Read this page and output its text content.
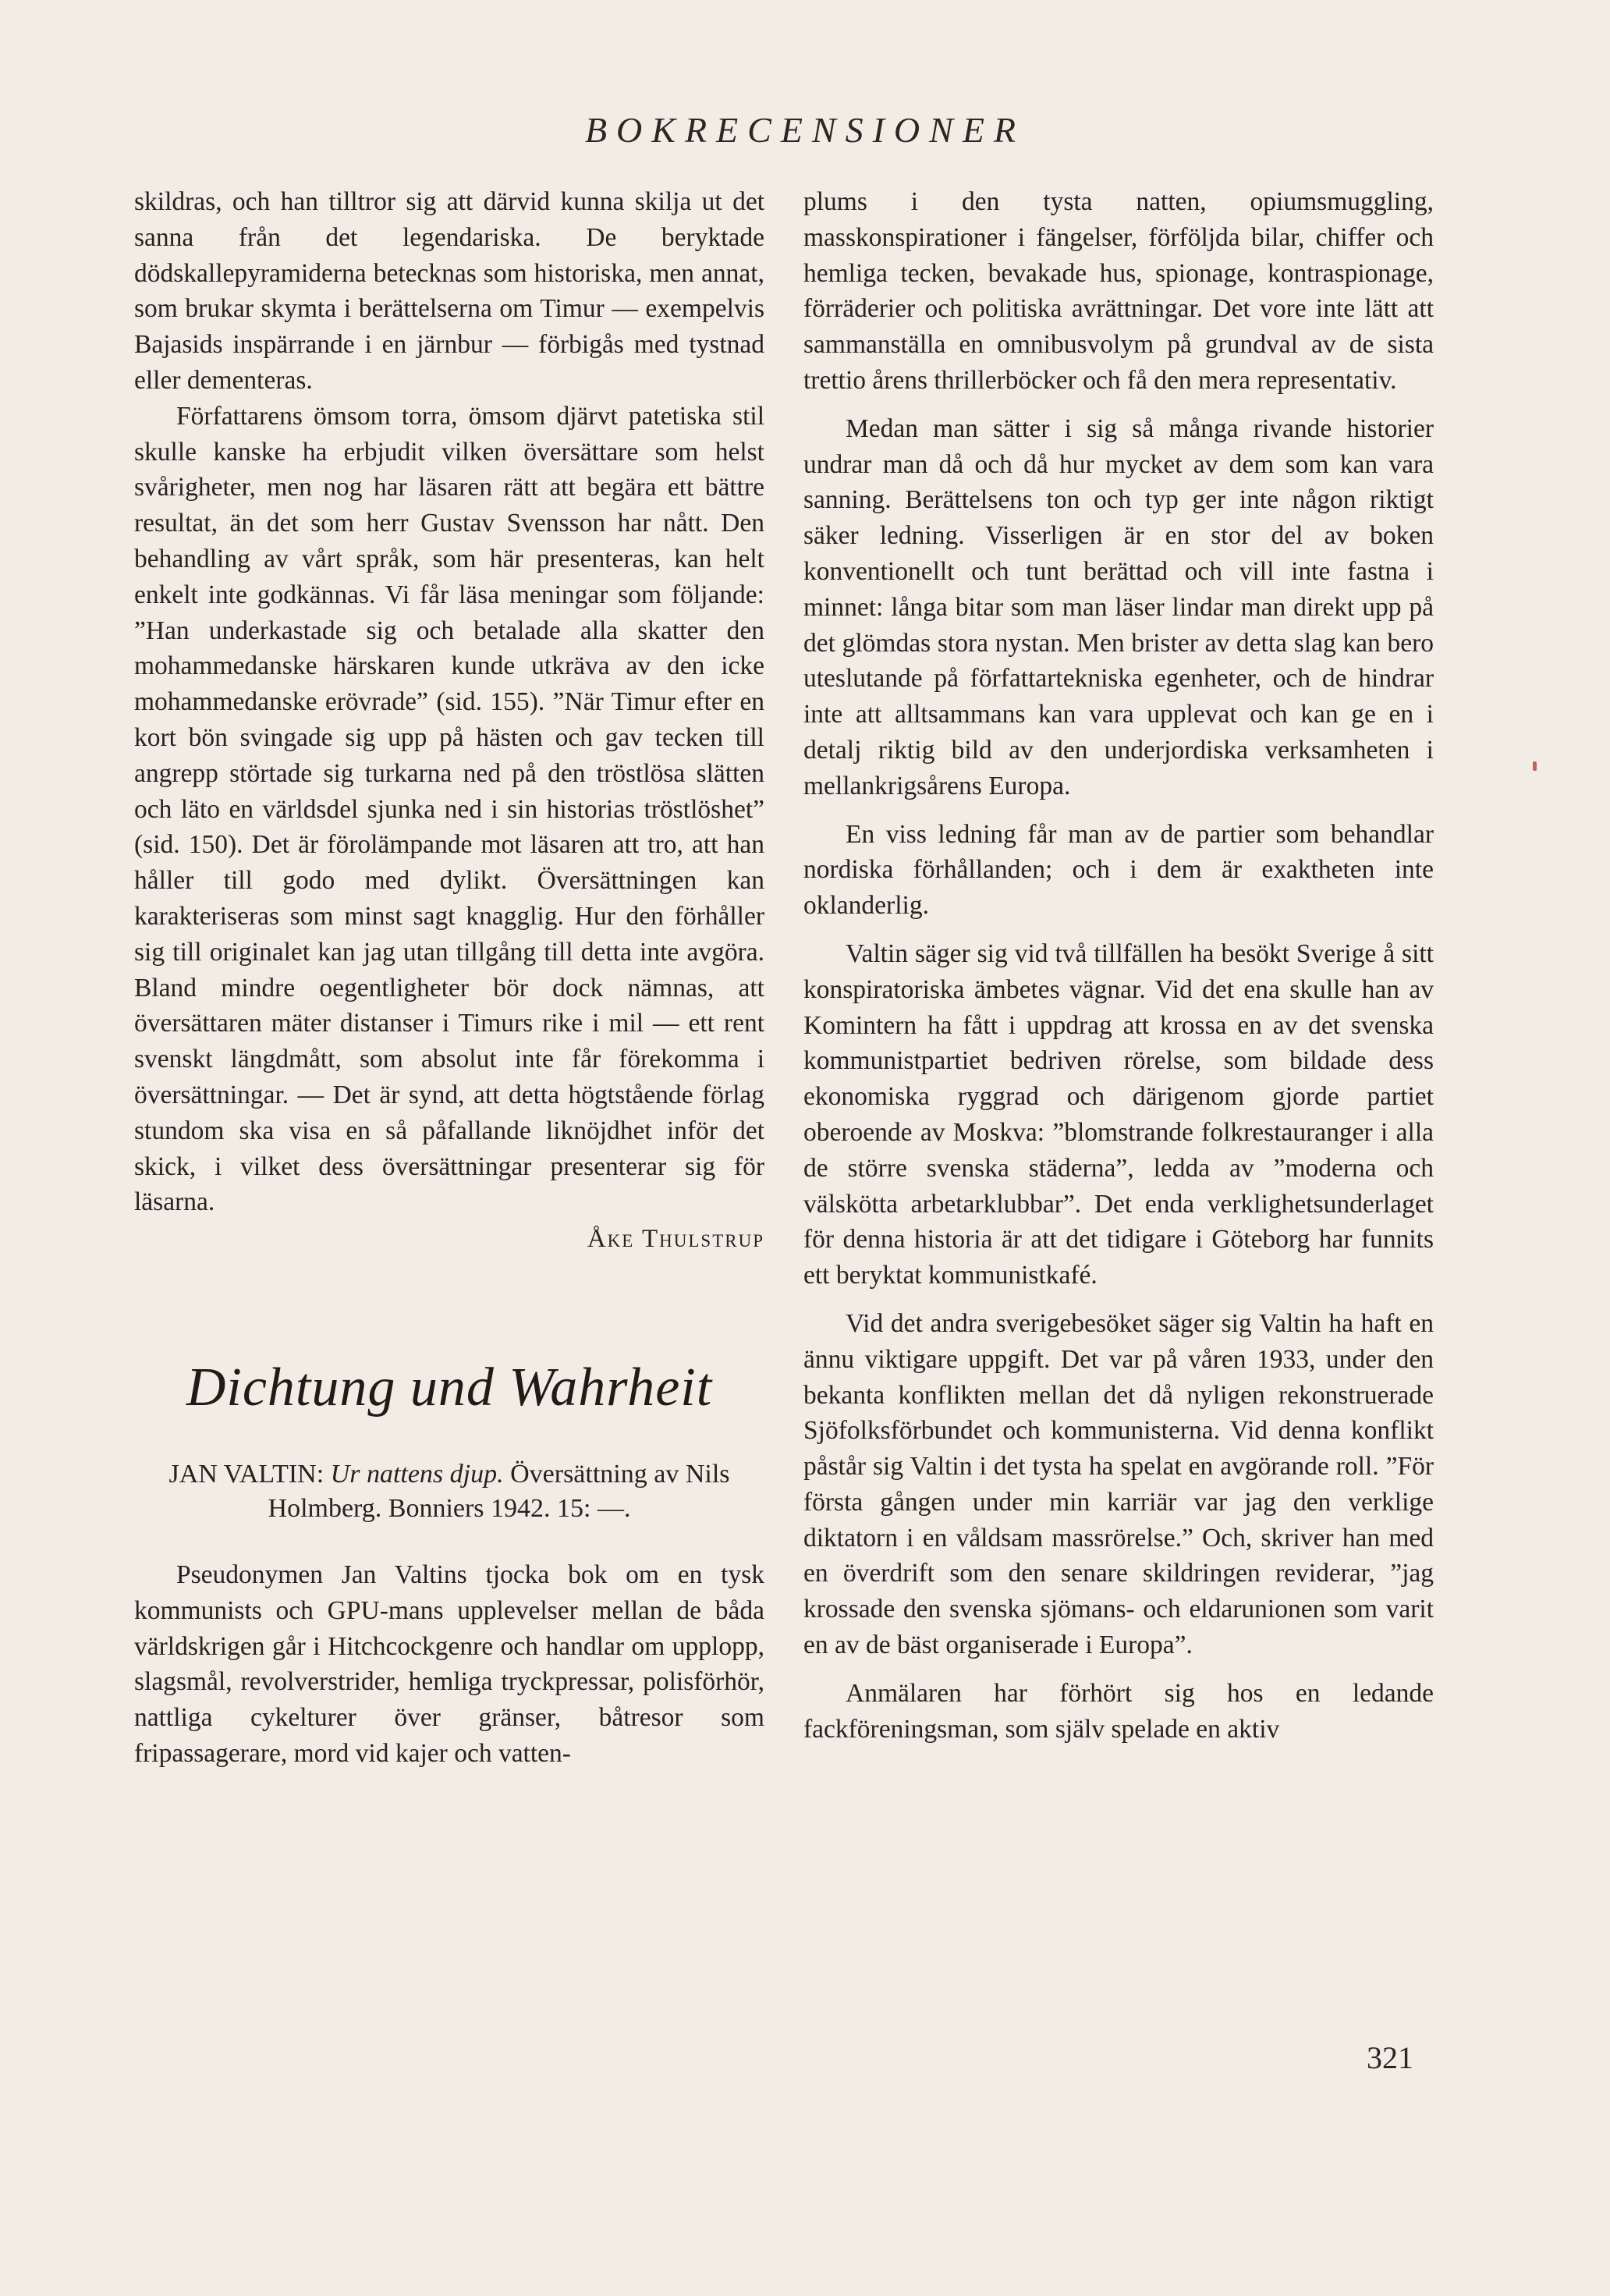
BOKRECENSIONER

skildras, och han tilltror sig att därvid kunna skilja ut det sanna från det legendariska. De beryktade dödskallepyramiderna betecknas som historiska, men annat, som brukar skymta i berättelserna om Timur — exempelvis Bajasids inspärrande i en järnbur — förbigås med tystnad eller dementeras.

Författarens ömsom torra, ömsom djärvt patetiska stil skulle kanske ha erbjudit vilken översättare som helst svårigheter, men nog har läsaren rätt att begära ett bättre resultat, än det som herr Gustav Svensson har nått. Den behandling av vårt språk, som här presenteras, kan helt enkelt inte godkännas. Vi får läsa meningar som följande: ”Han underkastade sig och betalade alla skatter den mohammedanske härskaren kunde utkräva av den icke mohammedanske erövrade” (sid. 155). ”När Timur efter en kort bön svingade sig upp på hästen och gav tecken till angrepp störtade sig turkarna ned på den tröstlösa slätten och läto en världsdel sjunka ned i sin historias tröstlöshet” (sid. 150). Det är förolämpande mot läsaren att tro, att han håller till godo med dylikt. Översättningen kan karakteriseras som minst sagt knagglig. Hur den förhåller sig till originalet kan jag utan tillgång till detta inte avgöra. Bland mindre oegentligheter bör dock nämnas, att översättaren mäter distanser i Timurs rike i mil — ett rent svenskt längdmått, som absolut inte får förekomma i översättningar. — Det är synd, att detta högtstående förlag stundom ska visa en så påfallande liknöjdhet inför det skick, i vilket dess översättningar presenterar sig för läsarna.

Åke Thulstrup
Dichtung und Wahrheit
JAN VALTIN: Ur nattens djup. Översättning av Nils Holmberg. Bonniers 1942. 15: —.

Pseudonymen Jan Valtins tjocka bok om en tysk kommunists och GPU-mans upplevelser mellan de båda världskrigen går i Hitchcockgenre och handlar om upplopp, slagsmål, revolverstrider, hemliga tryckpressar, polisförhör, nattliga cykelturer över gränser, båtresor som fripassagerare, mord vid kajer och vatten-

plums i den tysta natten, opiumsmuggling, masskonspirationer i fängelser, förföljda bilar, chiffer och hemliga tecken, bevakade hus, spionage, kontraspionage, förräderier och politiska avrättningar. Det vore inte lätt att sammanställa en omnibusvolym på grundval av de sista trettio årens thrillerböcker och få den mera representativ.

Medan man sätter i sig så många rivande historier undrar man då och då hur mycket av dem som kan vara sanning. Berättelsens ton och typ ger inte någon riktigt säker ledning. Visserligen är en stor del av boken konventionellt och tunt berättad och vill inte fastna i minnet: långa bitar som man läser lindar man direkt upp på det glömdas stora nystan. Men brister av detta slag kan bero uteslutande på författartekniska egenheter, och de hindrar inte att alltsammans kan vara upplevat och kan ge en i detalj riktig bild av den underjordiska verksamheten i mellankrigsårens Europa.

En viss ledning får man av de partier som behandlar nordiska förhållanden; och i dem är exaktheten inte oklanderlig.

Valtin säger sig vid två tillfällen ha besökt Sverige å sitt konspiratoriska ämbetes vägnar. Vid det ena skulle han av Komintern ha fått i uppdrag att krossa en av det svenska kommunistpartiet bedriven rörelse, som bildade dess ekonomiska ryggrad och därigenom gjorde partiet oberoende av Moskva: ”blomstrande folkrestauranger i alla de större svenska städerna”, ledda av ”moderna och välskötta arbetarklubbar”. Det enda verklighetsunderlaget för denna historia är att det tidigare i Göteborg har funnits ett beryktat kommunistkafé.

Vid det andra sverigebesöket säger sig Valtin ha haft en ännu viktigare uppgift. Det var på våren 1933, under den bekanta konflikten mellan det då nyligen rekonstruerade Sjöfolksförbundet och kommunisterna. Vid denna konflikt påstår sig Valtin i det tysta ha spelat en avgörande roll. ”För första gången under min karriär var jag den verklige diktatorn i en våldsam massrörelse.” Och, skriver han med en överdrift som den senare skildringen reviderar, ”jag krossade den svenska sjömans- och eldarunionen som varit en av de bäst organiserade i Europa”.

Anmälaren har förhört sig hos en ledande fackföreningsman, som själv spelade en aktiv

321
